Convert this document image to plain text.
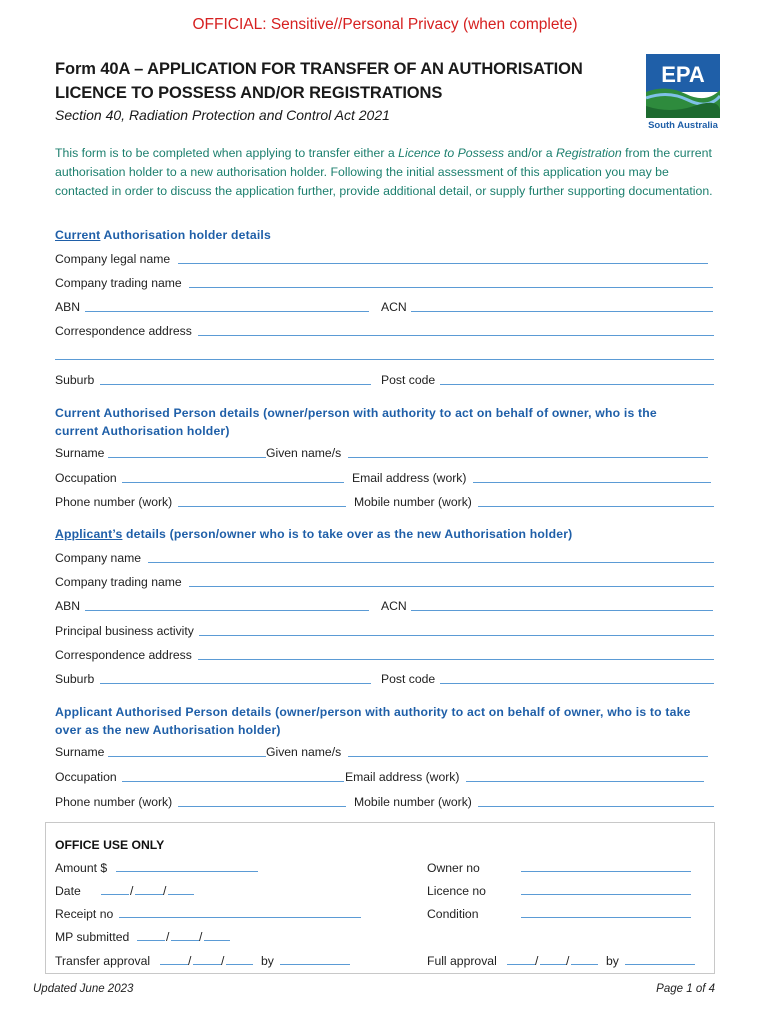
OFFICIAL: Sensitive//Personal Privacy (when complete)
Form 40A – APPLICATION FOR TRANSFER OF AN AUTHORISATION
LICENCE TO POSSESS AND/OR REGISTRATIONS
Section 40, Radiation Protection and Control Act 2021
EPA
South Australia
This form is to be completed when applying to transfer either a Licence to Possess and/or a Registration from the current authorisation holder to a new authorisation holder. Following the initial assessment of this application you may be contacted in order to discuss the application further, provide additional detail, or supply further supporting documentation.
Current Authorisation holder details
Company legal name
Company trading name
ABN	ACN
Correspondence address
Suburb	Post code
Current Authorised Person details (owner/person with authority to act on behalf of owner, who is the current Authorisation holder)
Surname	Given name/s
Occupation	Email address (work)
Phone number (work)	Mobile number (work)
Applicant’s details (person/owner who is to take over as the new Authorisation holder)
Company name
Company trading name
ABN	ACN
Principal business activity
Correspondence address
Suburb	Post code
Applicant Authorised Person details (owner/person with authority to act on behalf of owner, who is to take over as the new Authorisation holder)
Surname	Given name/s
Occupation	Email address (work)
Phone number (work)	Mobile number (work)
OFFICE USE ONLY
Amount $	Owner no
Date	/ /	Licence no
Receipt no	Condition
MP submitted	/ /
Transfer approval	/ /	by	Full approval	/ /	by
Updated June 2023	Page 1 of 4
